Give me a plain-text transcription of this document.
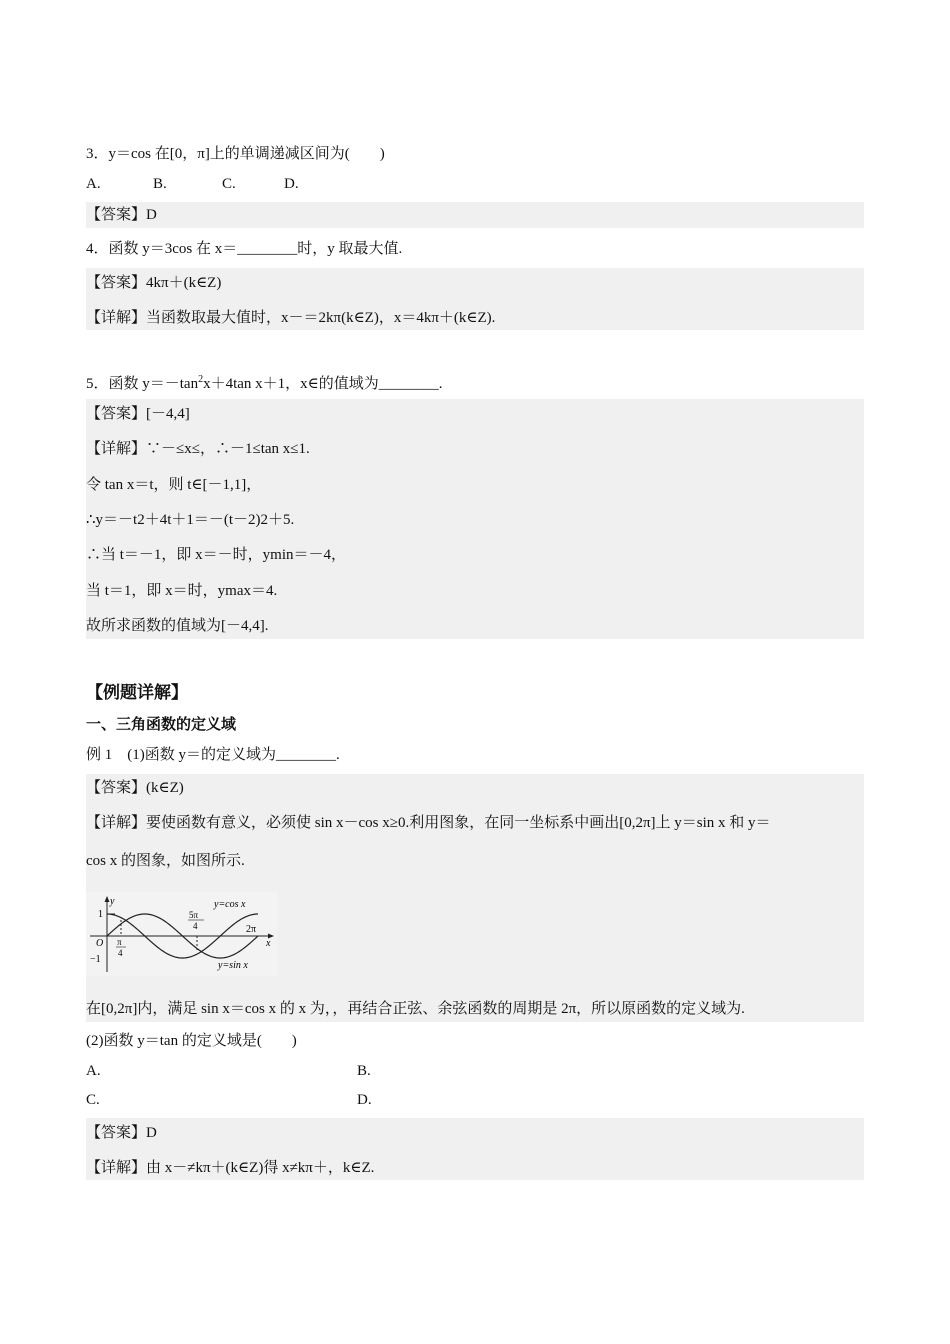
3．y＝cos 在[0，π]上的单调递减区间为(　　)
A.	B.	C.	D.
【答案】D
4．函数 y＝3cos 在 x＝________时，y 取最大值.
【答案】4kπ＋(k∈Z)
【详解】当函数取最大值时，x－＝2kπ(k∈Z)，x＝4kπ＋(k∈Z).
5．函数 $y=-\tan^2x+4\tan$ x＋1，x∈的值域为________.
【答案】[－4,4]
【详解】∵－≤x≤，∴－1≤tan x≤1.
令 tan x＝t，则 t∈[－1,1]，
∴y＝－t2＋4t＋1＝－(t－2)2＋5.
∴当 t＝－1，即 x＝－时，ymin＝－4，
当 t＝1，即 x＝时，ymax＝4.
故所求函数的值域为[－4,4].
【例题详解】
一、三角函数的定义域
例 1　(1)函数 y＝的定义域为________.
【答案】(k∈Z)
【详解】要使函数有意义，必须使 sin x－cos x≥0.利用图象，在同一坐标系中画出[0,2π]上 y＝sin x 和 y＝
cos x 的图象，如图所示.
在[0,2π]内，满足 sin x＝cos x 的 x 为，，再结合正弦、余弦函数的周期是 2π，所以原函数的定义域为.
y
x
O
1
−1
π
4
5π
4	2π
y=cos x
y=sin x
(2)函数 y＝tan 的定义域是(　　)
A.	B.
C.	D.
【答案】D
【详解】由 x－≠kπ＋(k∈Z)得 x≠kπ＋，k∈Z.
